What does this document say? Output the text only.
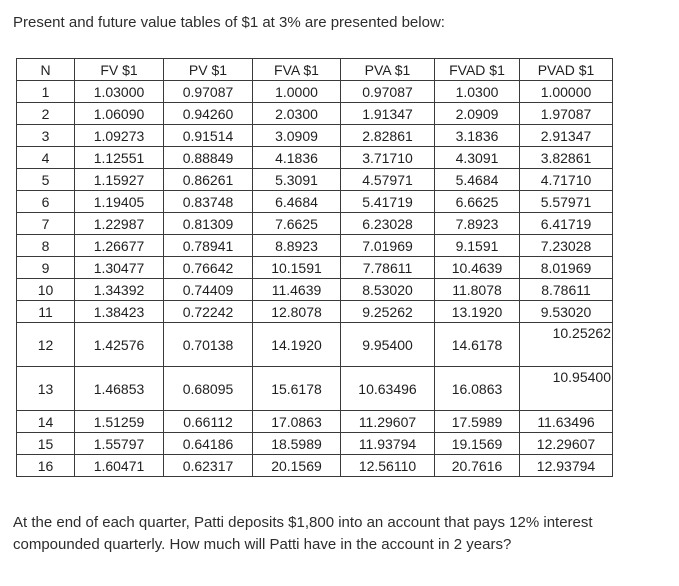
Present and future value tables of $1 at 3% are presented below:
N	FV $1	PV $1	FVA $1	PVA $1	FVAD $1	PVAD $1
1	1.03000	0.97087	1.0000	0.97087	1.0300	1.00000
2	1.06090	0.94260	2.0300	1.91347	2.0909	1.97087
3	1.09273	0.91514	3.0909	2.82861	3.1836	2.91347
4	1.12551	0.88849	4.1836	3.71710	4.3091	3.82861
5	1.15927	0.86261	5.3091	4.57971	5.4684	4.71710
6	1.19405	0.83748	6.4684	5.41719	6.6625	5.57971
7	1.22987	0.81309	7.6625	6.23028	7.8923	6.41719
8	1.26677	0.78941	8.8923	7.01969	9.1591	7.23028
9	1.30477	0.76642	10.1591	7.78611	10.4639	8.01969
10	1.34392	0.74409	11.4639	8.53020	11.8078	8.78611
11	1.38423	0.72242	12.8078	9.25262	13.1920	9.53020
12	1.42576	0.70138	14.1920	9.95400	14.6178	10.25262

13	1.46853	0.68095	15.6178	10.63496	16.0863	10.95400

14	1.51259	0.66112	17.0863	11.29607	17.5989	11.63496
15	1.55797	0.64186	18.5989	11.93794	19.1569	12.29607
16	1.60471	0.62317	20.1569	12.56110	20.7616	12.93794
At the end of each quarter, Patti deposits $1,800 into an account that pays 12% interest compounded quarterly. How much will Patti have in the account in 2 years?
